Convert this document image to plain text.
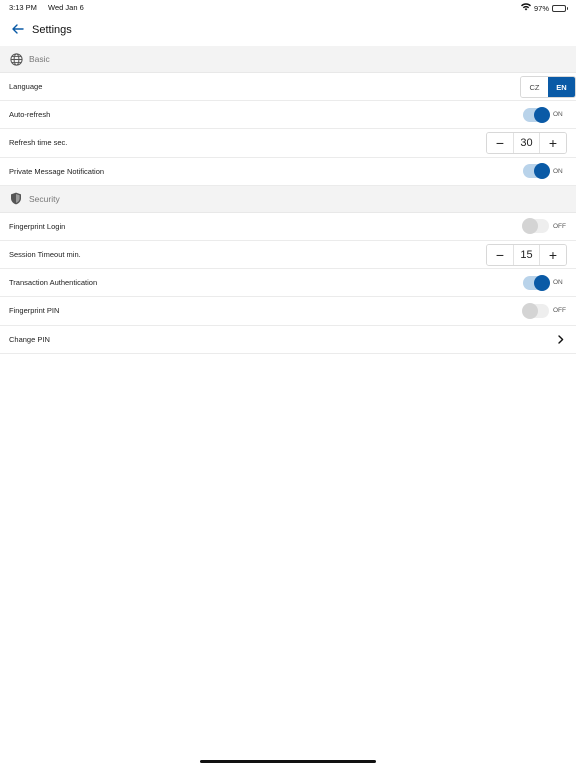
3:13 PM Wed Jan 6	97%
Settings
Basic
Language	CZ	EN
Auto-refresh	ON
Refresh time sec.	−	30	+
Private Message Notification	ON
Security
Fingerprint Login	OFF
Session Timeout min.	−	15	+
Transaction Authentication	ON
Fingerprint PIN	OFF
Change PIN
